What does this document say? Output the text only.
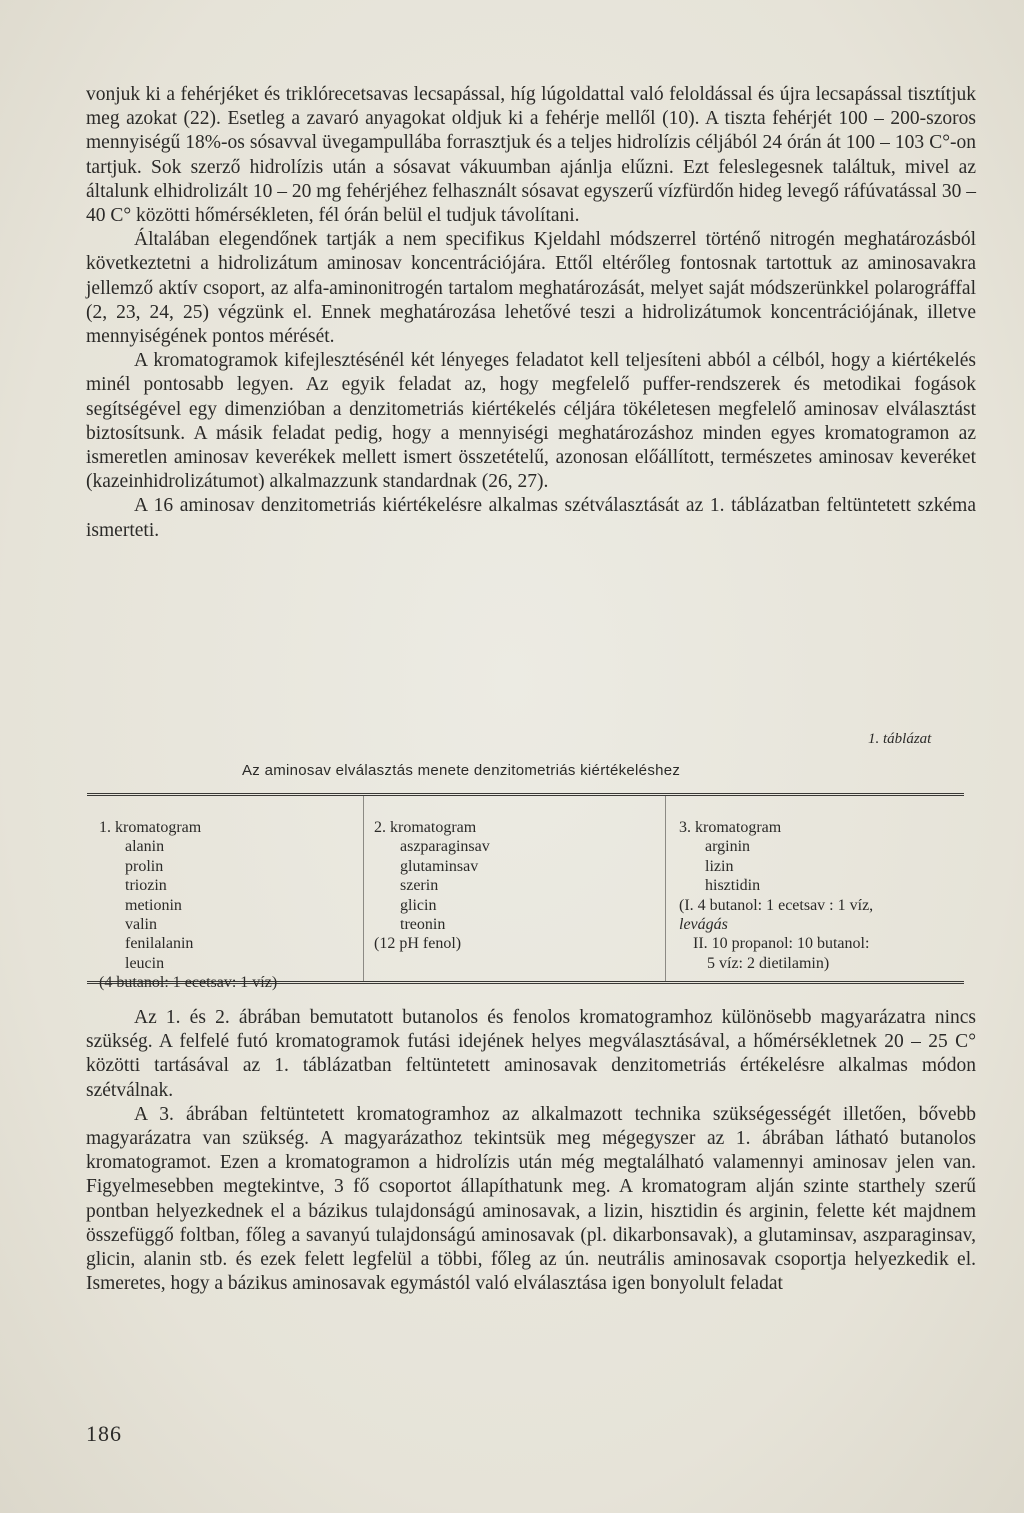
vonjuk ki a fehérjéket és triklórecetsavas lecsapással, híg lúgoldattal való feloldással és újra lecsapással tisztítjuk meg azokat (22). Esetleg a zavaró anyagokat oldjuk ki a fehérje mellől (10). A tiszta fehérjét 100 – 200-szoros mennyiségű 18%-os sósavval üvegampullába forrasztjuk és a teljes hidrolízis céljából 24 órán át 100 – 103 C°-on tartjuk. Sok szerző hidrolízis után a sósavat vákuumban ajánlja elűzni. Ezt feleslegesnek találtuk, mivel az általunk elhidrolizált 10 – 20 mg fehérjéhez felhasznált sósavat egyszerű vízfürdőn hideg levegő ráfúvatással 30 – 40 C° közötti hőmérsékleten, fél órán belül el tudjuk távolítani.

Általában elegendőnek tartják a nem specifikus Kjeldahl módszerrel történő nitrogén meghatározásból következtetni a hidrolizátum aminosav koncentrációjára. Ettől eltérőleg fontosnak tartottuk az aminosavakra jellemző aktív csoport, az alfa-aminonitrogén tartalom meghatározását, melyet saját módszerünkkel polarográffal (2, 23, 24, 25) végzünk el. Ennek meghatározása lehetővé teszi a hidrolizátumok koncentrációjának, illetve mennyiségének pontos mérését.

A kromatogramok kifejlesztésénél két lényeges feladatot kell teljesíteni abból a célból, hogy a kiértékelés minél pontosabb legyen. Az egyik feladat az, hogy megfelelő puffer-rendszerek és metodikai fogások segítségével egy dimenzióban a denzitometriás kiértékelés céljára tökéletesen megfelelő aminosav elválasztást biztosítsunk. A másik feladat pedig, hogy a mennyiségi meghatározáshoz minden egyes kromatogramon az ismeretlen aminosav keverékek mellett ismert összetételű, azonosan előállított, természetes aminosav keveréket (kazeinhidrolizátumot) alkalmazzunk standardnak (26, 27).

A 16 aminosav denzitometriás kiértékelésre alkalmas szétválasztását az 1. táblázatban feltüntetett szkéma ismerteti.

1. táblázat
Az aminosav elválasztás menete denzitometriás kiértékeléshez
1. kromatogram
alanin
prolin
triozin
metionin
valin
fenilalanin
leucin
(4 butanol: 1 ecetsav: 1 víz)
2. kromatogram
aszparaginsav
glutaminsav
szerin
glicin
treonin
(12 pH fenol)
3. kromatogram
arginin
lizin
hisztidin
(I. 4 butanol: 1 ecetsav : 1 víz,
levágás
II. 10 propanol: 10 butanol:
5 víz: 2 dietilamin)

Az 1. és 2. ábrában bemutatott butanolos és fenolos kromatogramhoz különösebb magyarázatra nincs szükség. A felfelé futó kromatogramok futási idejének helyes megválasztásával, a hőmérsékletnek 20 – 25 C° közötti tartásával az 1. táblázatban feltüntetett aminosavak denzitometriás értékelésre alkalmas módon szétválnak.

A 3. ábrában feltüntetett kromatogramhoz az alkalmazott technika szükségességét illetően, bővebb magyarázatra van szükség. A magyarázathoz tekintsük meg mégegyszer az 1. ábrában látható butanolos kromatogramot. Ezen a kromatogramon a hidrolízis után még megtalálható valamennyi aminosav jelen van. Figyelmesebben megtekintve, 3 fő csoportot állapíthatunk meg. A kromatogram alján szinte starthely szerű pontban helyezkednek el a bázikus tulajdonságú aminosavak, a lizin, hisztidin és arginin, felette két majdnem összefüggő foltban, főleg a savanyú tulajdonságú aminosavak (pl. dikarbonsavak), a glutaminsav, aszparaginsav, glicin, alanin stb. és ezek felett legfelül a többi, főleg az ún. neutrális aminosavak csoportja helyezkedik el. Ismeretes, hogy a bázikus aminosavak egymástól való elválasztása igen bonyolult feladat

186
